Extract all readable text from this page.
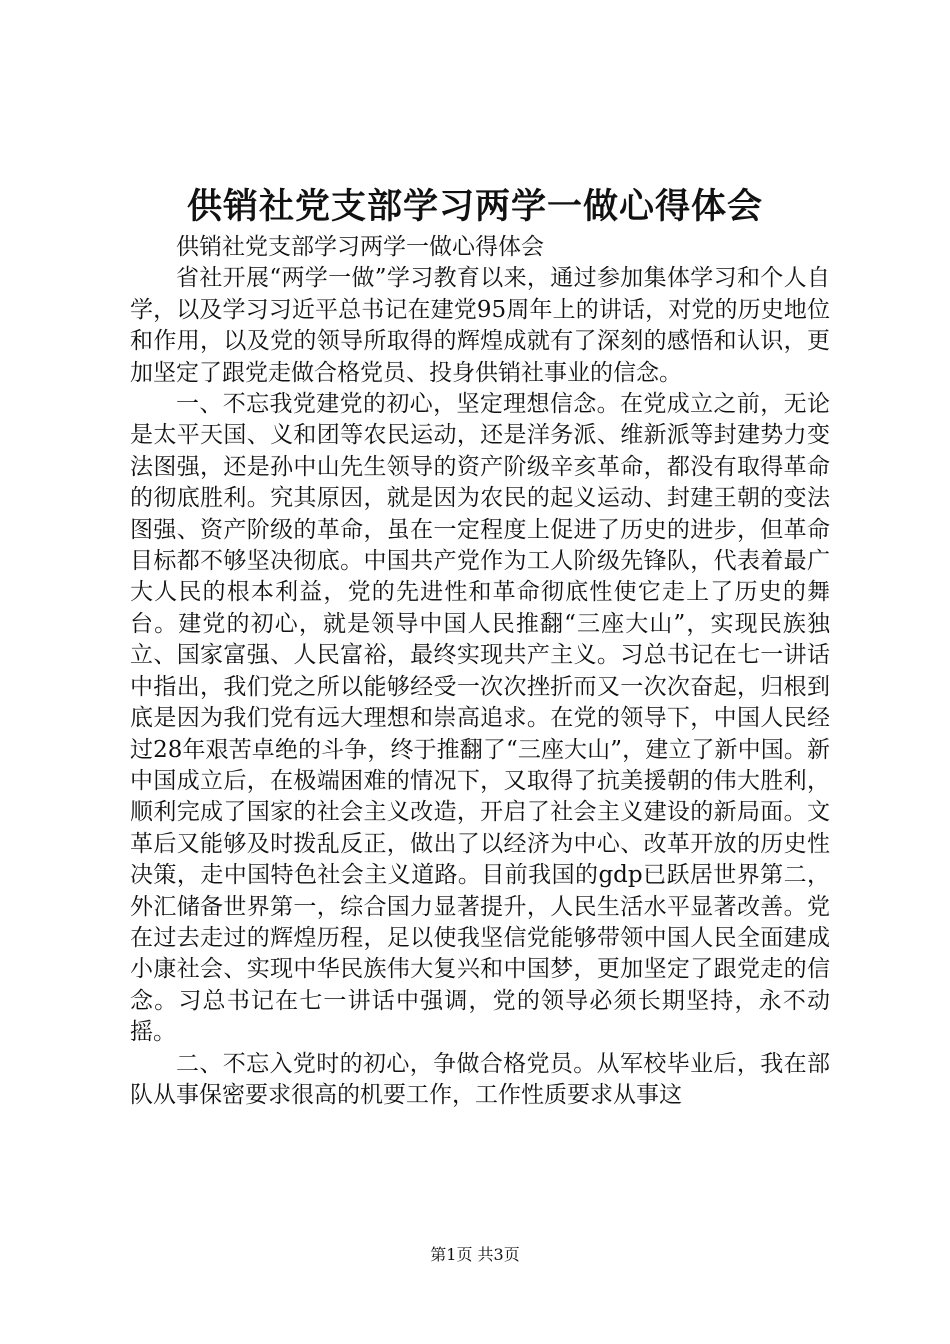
供销社党支部学习两学一做心得体会

供销社党支部学习两学一做心得体会

省社开展“两学一做”学习教育以来，通过参加集体学习和个人自学，以及学习习近平总书记在建党95周年上的讲话，对党的历史地位和作用，以及党的领导所取得的辉煌成就有了深刻的感悟和认识，更加坚定了跟党走做合格党员、投身供销社事业的信念。

一、不忘我党建党的初心，坚定理想信念。在党成立之前，无论是太平天国、义和团等农民运动，还是洋务派、维新派等封建势力变法图强，还是孙中山先生领导的资产阶级辛亥革命，都没有取得革命的彻底胜利。究其原因，就是因为农民的起义运动、封建王朝的变法图强、资产阶级的革命，虽在一定程度上促进了历史的进步，但革命目标都不够坚决彻底。中国共产党作为工人阶级先锋队，代表着最广大人民的根本利益，党的先进性和革命彻底性使它走上了历史的舞台。建党的初心，就是领导中国人民推翻“三座大山”，实现民族独立、国家富强、人民富裕，最终实现共产主义。习总书记在七一讲话中指出，我们党之所以能够经受一次次挫折而又一次次奋起，归根到底是因为我们党有远大理想和崇高追求。在党的领导下，中国人民经过28年艰苦卓绝的斗争，终于推翻了“三座大山”，建立了新中国。新中国成立后，在极端困难的情况下，又取得了抗美援朝的伟大胜利，顺利完成了国家的社会主义改造，开启了社会主义建设的新局面。文革后又能够及时拨乱反正，做出了以经济为中心、改革开放的历史性决策，走中国特色社会主义道路。目前我国的gdp已跃居世界第二，外汇储备世界第一，综合国力显著提升，人民生活水平显著改善。党在过去走过的辉煌历程，足以使我坚信党能够带领中国人民全面建成小康社会、实现中华民族伟大复兴和中国梦，更加坚定了跟党走的信念。习总书记在七一讲话中强调，党的领导必须长期坚持，永不动摇。

二、不忘入党时的初心，争做合格党员。从军校毕业后，我在部队从事保密要求很高的机要工作，工作性质要求从事这

第1页 共3页
